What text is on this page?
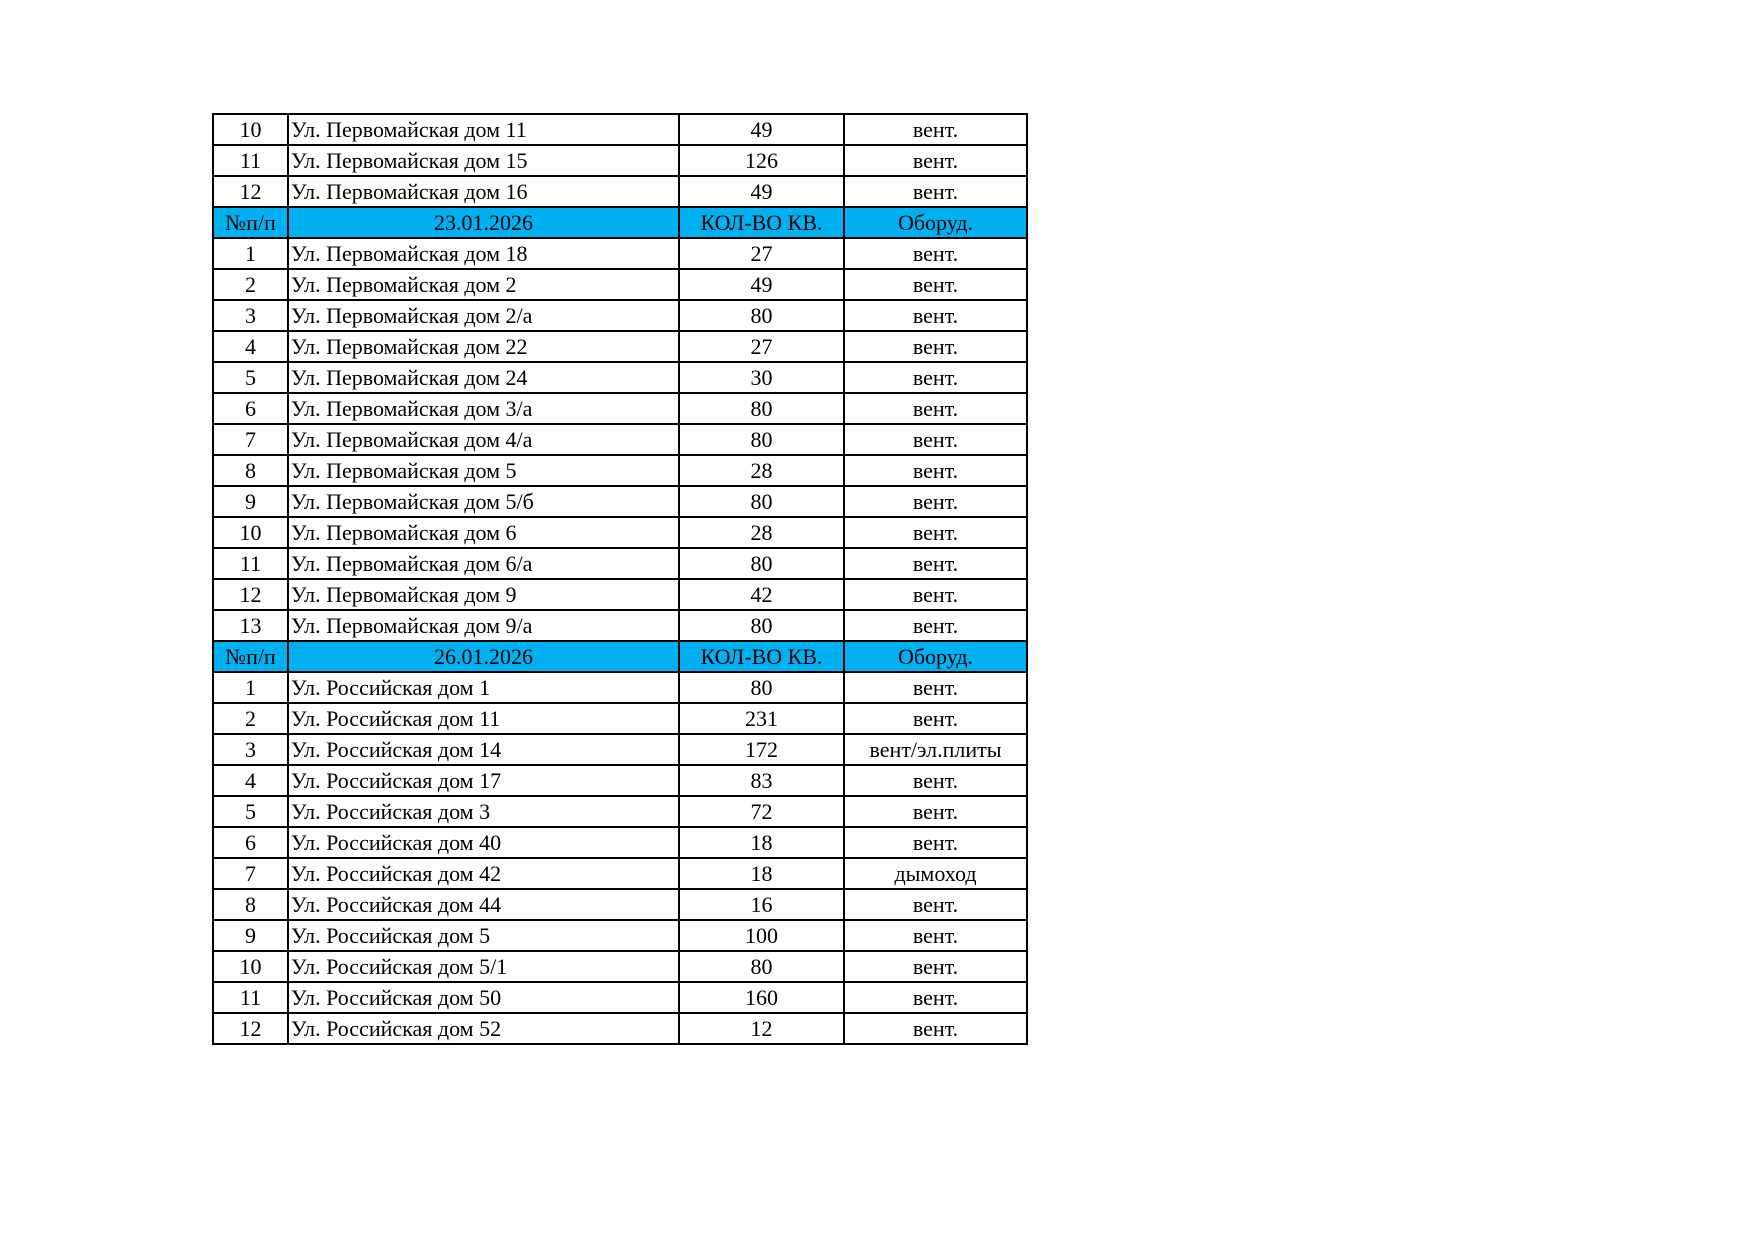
10	Ул. Первомайская дом 11	49	вент.
11	Ул. Первомайская дом 15	126	вент.
12	Ул. Первомайская дом 16	49	вент.
№п/п	23.01.2026	КОЛ-ВО КВ.	Оборуд.
1	Ул. Первомайская дом 18	27	вент.
2	Ул. Первомайская дом 2	49	вент.
3	Ул. Первомайская дом 2/а	80	вент.
4	Ул. Первомайская дом 22	27	вент.
5	Ул. Первомайская дом 24	30	вент.
6	Ул. Первомайская дом 3/а	80	вент.
7	Ул. Первомайская дом 4/а	80	вент.
8	Ул. Первомайская дом 5	28	вент.
9	Ул. Первомайская дом 5/б	80	вент.
10	Ул. Первомайская дом 6	28	вент.
11	Ул. Первомайская дом 6/а	80	вент.
12	Ул. Первомайская дом 9	42	вент.
13	Ул. Первомайская дом 9/а	80	вент.
№п/п	26.01.2026	КОЛ-ВО КВ.	Оборуд.
1	Ул. Российская дом 1	80	вент.
2	Ул. Российская дом 11	231	вент.
3	Ул. Российская дом 14	172	вент/эл.плиты
4	Ул. Российская дом 17	83	вент.
5	Ул. Российская дом 3	72	вент.
6	Ул. Российская дом 40	18	вент.
7	Ул. Российская дом 42	18	дымоход
8	Ул. Российская дом 44	16	вент.
9	Ул. Российская дом 5	100	вент.
10	Ул. Российская дом 5/1	80	вент.
11	Ул. Российская дом 50	160	вент.
12	Ул. Российская дом 52	12	вент.
